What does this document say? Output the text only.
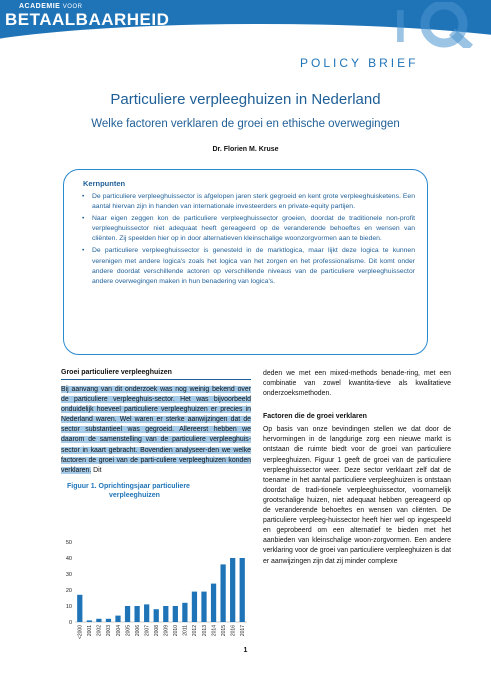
ACADEMIE VOOR
BETAALBAARHEID
VAN ZORG	I
POLICY BRIEF
Particuliere verpleeghuizen in Nederland
Welke factoren verklaren de groei en ethische overwegingen
Dr. Florien M. Kruse
Kernpunten
• De particuliere verpleeghuissector is afgelopen jaren sterk gegroeid en kent grote verpleeghuisketens. Een aantal hiervan zijn in handen van internationale investeerders en private-equity partijen.
• Naar eigen zeggen kon de particuliere verpleeghuissector groeien, doordat de traditionele non-profit verpleeghuissector niet adequaat heeft gereageerd op de veranderende behoeftes en wensen van cliënten. Zij speelden hier op in door alternatieven kleinschalige woonzorgvormen aan te bieden.
• De particuliere verpleeghuissector is genesteld in de marktlogica, maar lijkt deze logica te kunnen verenigen met andere logica's zoals het logica van het zorgen en het professionalisme. Dit komt onder andere doordat verschillende actoren op verschillende niveaus van de particuliere verpleeghuissector andere overwegingen maken in hun benadering van logica's.
Groei particuliere verpleeghuizen

Bij aanvang van dit onderzoek was nog weinig bekend over de particuliere verpleeghuis-sector. Het was bijvoorbeeld onduidelijk hoeveel particuliere verpleeghuizen er precies in Nederland waren. Wel waren er sterke aanwijzingen dat de sector substantieel was gegroeid. Allereerst hebben we daarom de samenstelling van de particuliere verpleeghuis-sector in kaart gebracht. Bovendien analyseer-den we welke factoren de groei van de parti-culiere verpleeghuizen konden verklaren. Dit

Figuur 1. Oprichtingsjaar particuliere
verpleeghuizen
0
10
20
30
40
50
<2000 2001 2002 2003 2004 2005 2006 2007 2008 2009 2010 2011 2012 2013 2014 2015 2016 2017

deden we met een mixed-methods benade-ring, met een combinatie van zowel kwantita-tieve als kwalitatieve onderzoeksmethoden.

Factoren die de groei verklaren

Op basis van onze bevindingen stellen we dat door de hervormingen in de langdurige zorg een nieuwe markt is ontstaan die ruimte biedt voor de groei van particuliere verpleeghuizen. Figuur 1 geeft de groei van de particuliere verpleeghuissector weer. Deze sector verklaart zelf dat de toename in het aantal particuliere verpleeghuizen is ontstaan doordat de tradi-tionele verpleeghuissector, voornamelijk grootschalige huizen, niet adequaat hebben gereageerd op de veranderende behoeftes en wensen van cliënten. De particuliere verpleeg-huissector heeft hier wel op ingespeeld en geprobeerd om een alternatief te bieden met het aanbieden van kleinschalige woon-zorgvormen. Een andere verklaring voor de groei van particuliere verpleeghuizen is dat er aanwijzingen zijn dat zij minder complexe

1
